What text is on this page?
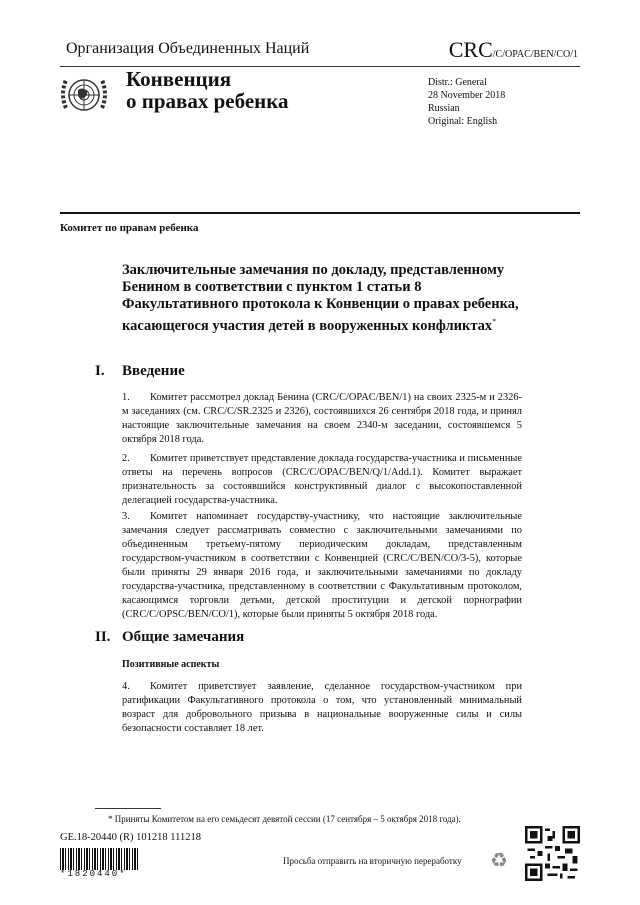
Организация Объединенных Наций	CRC/C/OPAC/BEN/CO/1
Конвенция
о правах ребенка
Distr.: General
28 November 2018
Russian
Original: English
Комитет по правам ребенка
Заключительные замечания по докладу, представленному Бенином в соответствии с пунктом 1 статьи 8 Факультативного протокола к Конвенции о правах ребенка, касающегося участия детей в вооруженных конфликтах*
I. Введение
1. Комитет рассмотрел доклад Бенина (CRC/C/OPAC/BEN/1) на своих 2325-м и 2326-м заседаниях (см. CRC/C/SR.2325 и 2326), состоявшихся 26 сентября 2018 года, и принял настоящие заключительные замечания на своем 2340-м заседании, состоявшемся 5 октября 2018 года.
2. Комитет приветствует представление доклада государства-участника и письменные ответы на перечень вопросов (CRC/C/OPAC/BEN/Q/1/Add.1). Комитет выражает признательность за состоявшийся конструктивный диалог с высокопоставленной делегацией государства-участника.
3. Комитет напоминает государству-участнику, что настоящие заключительные замечания следует рассматривать совместно с заключительными замечаниями по объединенным третьему-пятому периодическим докладам, представленным государством-участником в соответствии с Конвенцией (CRC/C/BEN/CO/3-5), которые были приняты 29 января 2016 года, и заключительными замечаниями по докладу государства-участника, представленному в соответствии с Факультативным протоколом, касающимся торговли детьми, детской проституции и детской порнографии (CRC/C/OPSC/BEN/CO/1), которые были приняты 5 октября 2018 года.
II. Общие замечания
Позитивные аспекты
4. Комитет приветствует заявление, сделанное государством-участником при ратификации Факультативного протокола о том, что установленный минимальный возраст для добровольного призыва в национальные вооруженные силы и силы безопасности составляет 18 лет.
* Приняты Комитетом на его семьдесят девятой сессии (17 сентября – 5 октября 2018 года).
GE.18-20440 (R) 101218 111218
*1820440*
Просьба отправить на вторичную переработку ♻
